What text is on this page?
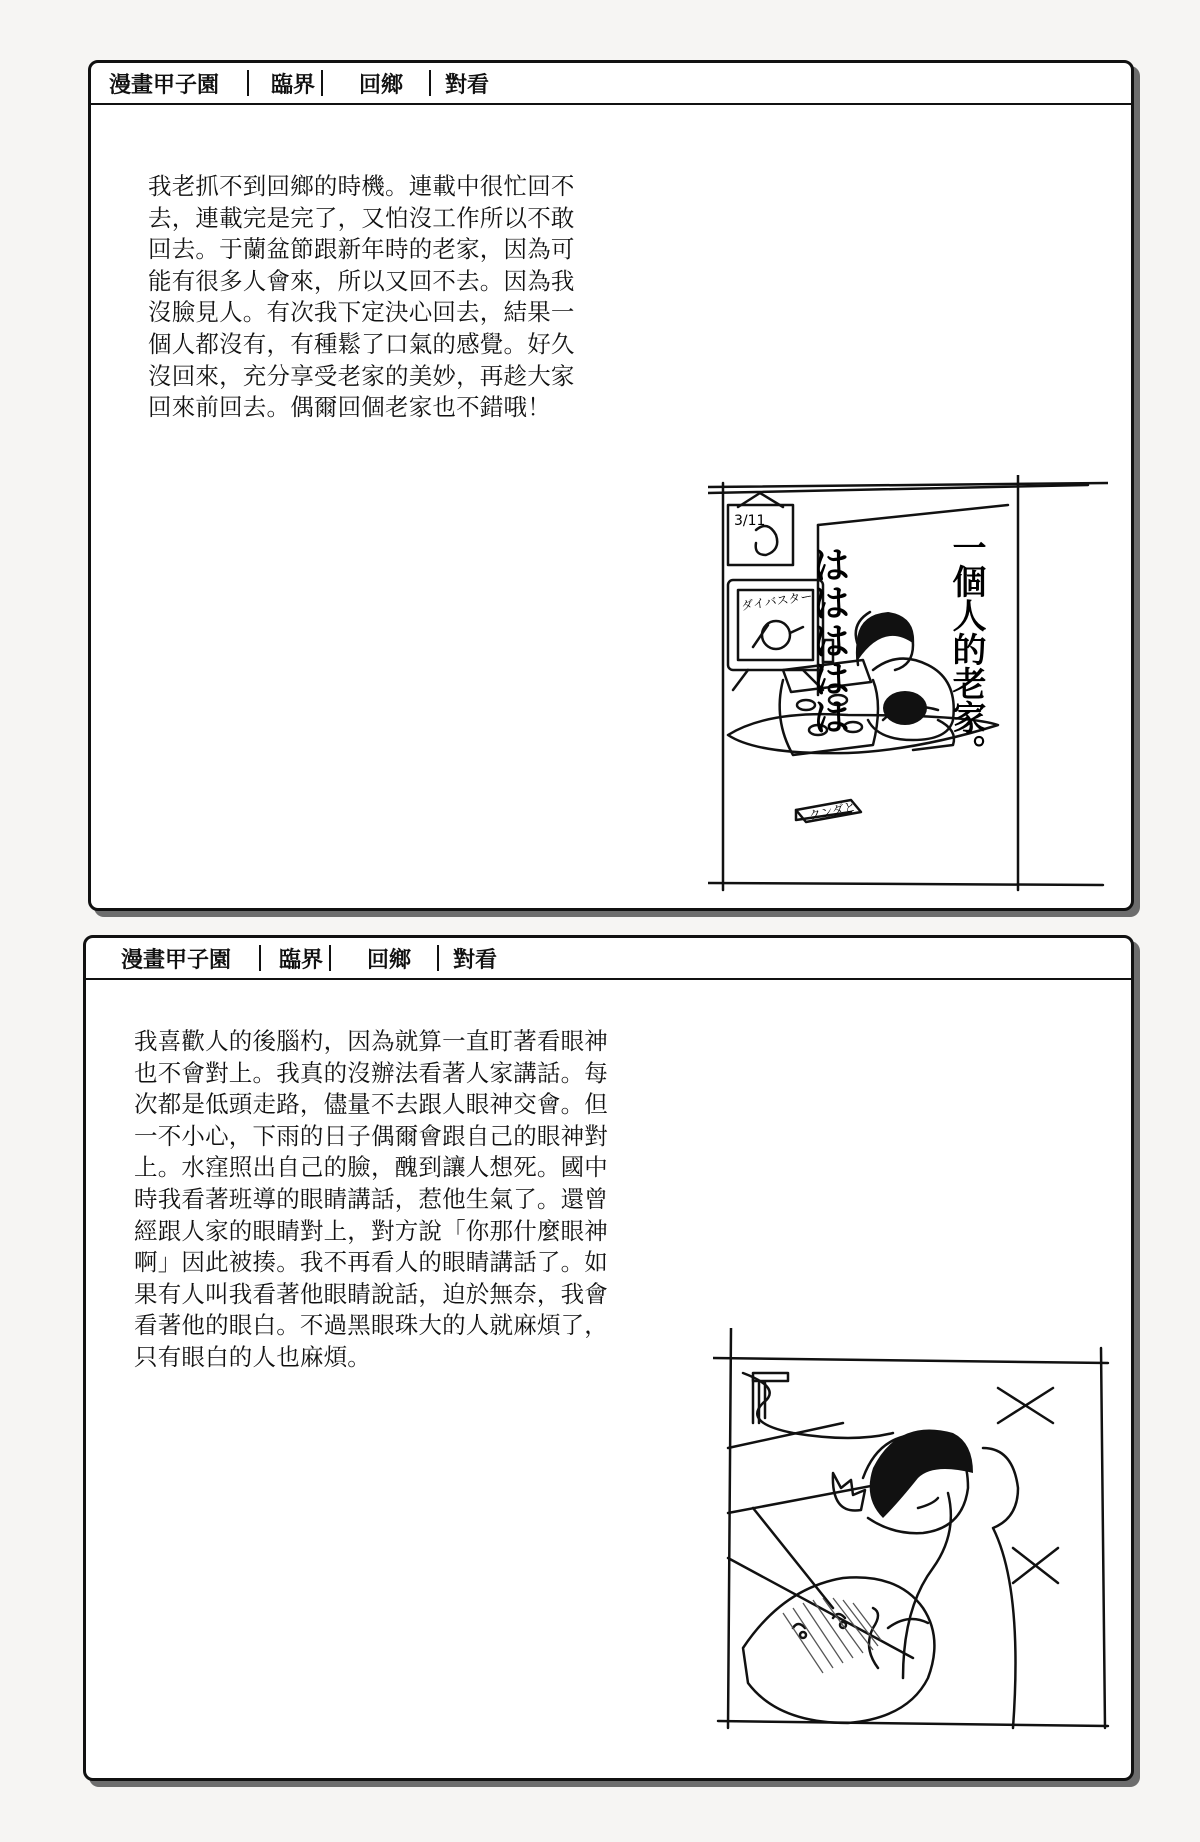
漫畫甲子園 臨界 回鄉 對看
我老抓不到回鄉的時機。連載中很忙回不
去，連載完是完了，又怕沒工作所以不敢
回去。于蘭盆節跟新年時的老家，因為可
能有很多人會來，所以又回不去。因為我
沒臉見人。有次我下定決心回去，結果一
個人都沒有，有種鬆了口氣的感覺。好久
沒回來，充分享受老家的美妙，再趁大家
回來前回去。偶爾回個老家也不錯哦！
3/11
ダイバスター
クンダと
ははははは	一個人的老家。
漫畫甲子園 臨界 回鄉 對看
我喜歡人的後腦杓，因為就算一直盯著看眼神
也不會對上。我真的沒辦法看著人家講話。每
次都是低頭走路，儘量不去跟人眼神交會。但
一不小心，下雨的日子偶爾會跟自己的眼神對
上。水窪照出自己的臉，醜到讓人想死。國中
時我看著班導的眼睛講話，惹他生氣了。還曾
經跟人家的眼睛對上，對方說「你那什麼眼神
啊」因此被揍。我不再看人的眼睛講話了。如
果有人叫我看著他眼睛說話，迫於無奈，我會
看著他的眼白。不過黑眼珠大的人就麻煩了，
只有眼白的人也麻煩。
